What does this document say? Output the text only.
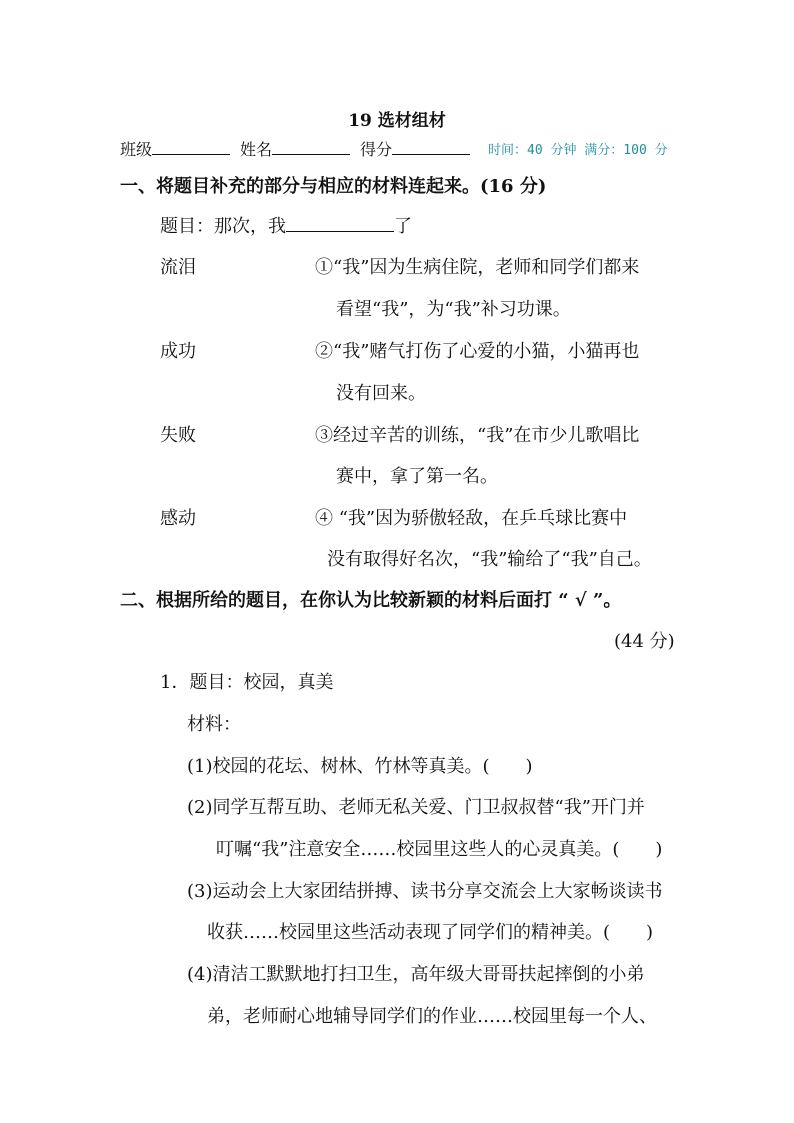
19 选材组材
班级	姓名	得分	时间：40 分钟 满分：100 分
一、将题目补充的部分与相应的材料连起来。(16 分)
题目：那次，我	了
流泪	①“我”因为生病住院，老师和同学们都来
看望“我”，为“我”补习功课。
成功	②“我”赌气打伤了心爱的小猫，小猫再也
没有回来。
失败	③经过辛苦的训练，“我”在市少儿歌唱比
赛中，拿了第一名。
感动	④ “我”因为骄傲轻敌，在乒乓球比赛中
没有取得好名次，“我”输给了“我”自己。
二、根据所给的题目，在你认为比较新颖的材料后面打 “ √ ”。
(44 分)
1．题目：校园，真美
材料：
(1)校园的花坛、树林、竹林等真美。(　　)
(2)同学互帮互助、老师无私关爱、门卫叔叔替“我”开门并
叮嘱“我”注意安全……校园里这些人的心灵真美。(　　)
(3)运动会上大家团结拼搏、读书分享交流会上大家畅谈读书
收获……校园里这些活动表现了同学们的精神美。(　　)
(4)清洁工默默地打扫卫生，高年级大哥哥扶起摔倒的小弟
弟，老师耐心地辅导同学们的作业……校园里每一个人、
